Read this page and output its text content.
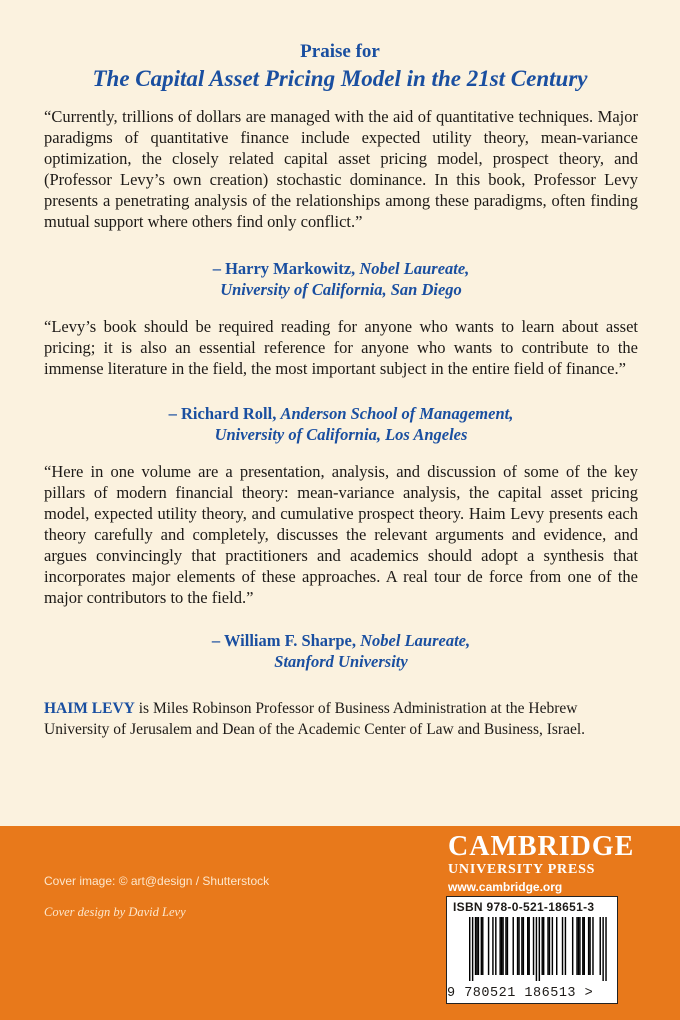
Praise for
The Capital Asset Pricing Model in the 21st Century
“Currently, trillions of dollars are managed with the aid of quantitative techniques. Major paradigms of quantitative finance include expected utility theory, mean-variance optimization, the closely related capital asset pricing model, prospect theory, and (Professor Levy’s own creation) stochastic dominance. In this book, Professor Levy presents a penetrating analysis of the relationships among these paradigms, often finding mutual support where others find only conflict.”
– Harry Markowitz, Nobel Laureate,
University of California, San Diego
“Levy’s book should be required reading for anyone who wants to learn about asset pricing; it is also an essential reference for anyone who wants to contribute to the immense literature in the field, the most important subject in the entire field of finance.”
– Richard Roll, Anderson School of Management,
University of California, Los Angeles
“Here in one volume are a presentation, analysis, and discussion of some of the key pillars of modern financial theory: mean-variance analysis, the capital asset pricing model, expected utility theory, and cumulative prospect theory. Haim Levy presents each theory carefully and completely, discusses the relevant arguments and evidence, and argues convincingly that practitioners and academics should adopt a synthesis that incorporates major elements of these approaches. A real tour de force from one of the major contributors to the field.”
– William F. Sharpe, Nobel Laureate,
Stanford University
HAIM LEVY is Miles Robinson Professor of Business Administration at the Hebrew University of Jerusalem and Dean of the Academic Center of Law and Business, Israel.
Cover image: © art@design / Shutterstock
Cover design by David Levy
CAMBRIDGE
UNIVERSITY PRESS
www.cambridge.org
ISBN 978-0-521-18651-3
9 780521 186513 >
